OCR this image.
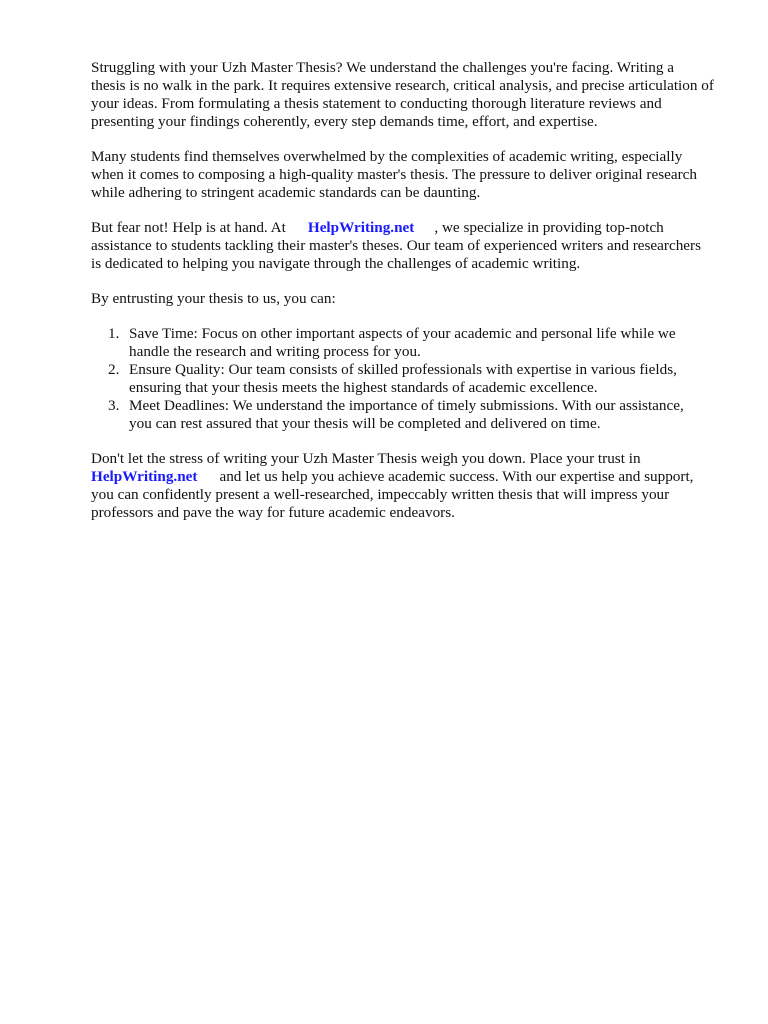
Struggling with your Uzh Master Thesis? We understand the challenges you're facing. Writing a
thesis is no walk in the park. It requires extensive research, critical analysis, and precise articulation of
your ideas. From formulating a thesis statement to conducting thorough literature reviews and
presenting your findings coherently, every step demands time, effort, and expertise.

Many students find themselves overwhelmed by the complexities of academic writing, especially
when it comes to composing a high-quality master's thesis. The pressure to deliver original research
while adhering to stringent academic standards can be daunting.

But fear not! Help is at hand. At HelpWriting.net , we specialize in providing top-notch
assistance to students tackling their master's theses. Our team of experienced writers and researchers
is dedicated to helping you navigate through the challenges of academic writing.

By entrusting your thesis to us, you can:

1. Save Time: Focus on other important aspects of your academic and personal life while we
handle the research and writing process for you.
2. Ensure Quality: Our team consists of skilled professionals with expertise in various fields,
ensuring that your thesis meets the highest standards of academic excellence.
3. Meet Deadlines: We understand the importance of timely submissions. With our assistance,
you can rest assured that your thesis will be completed and delivered on time.

Don't let the stress of writing your Uzh Master Thesis weigh you down. Place your trust in
HelpWriting.net and let us help you achieve academic success. With our expertise and support,
you can confidently present a well-researched, impeccably written thesis that will impress your
professors and pave the way for future academic endeavors.
